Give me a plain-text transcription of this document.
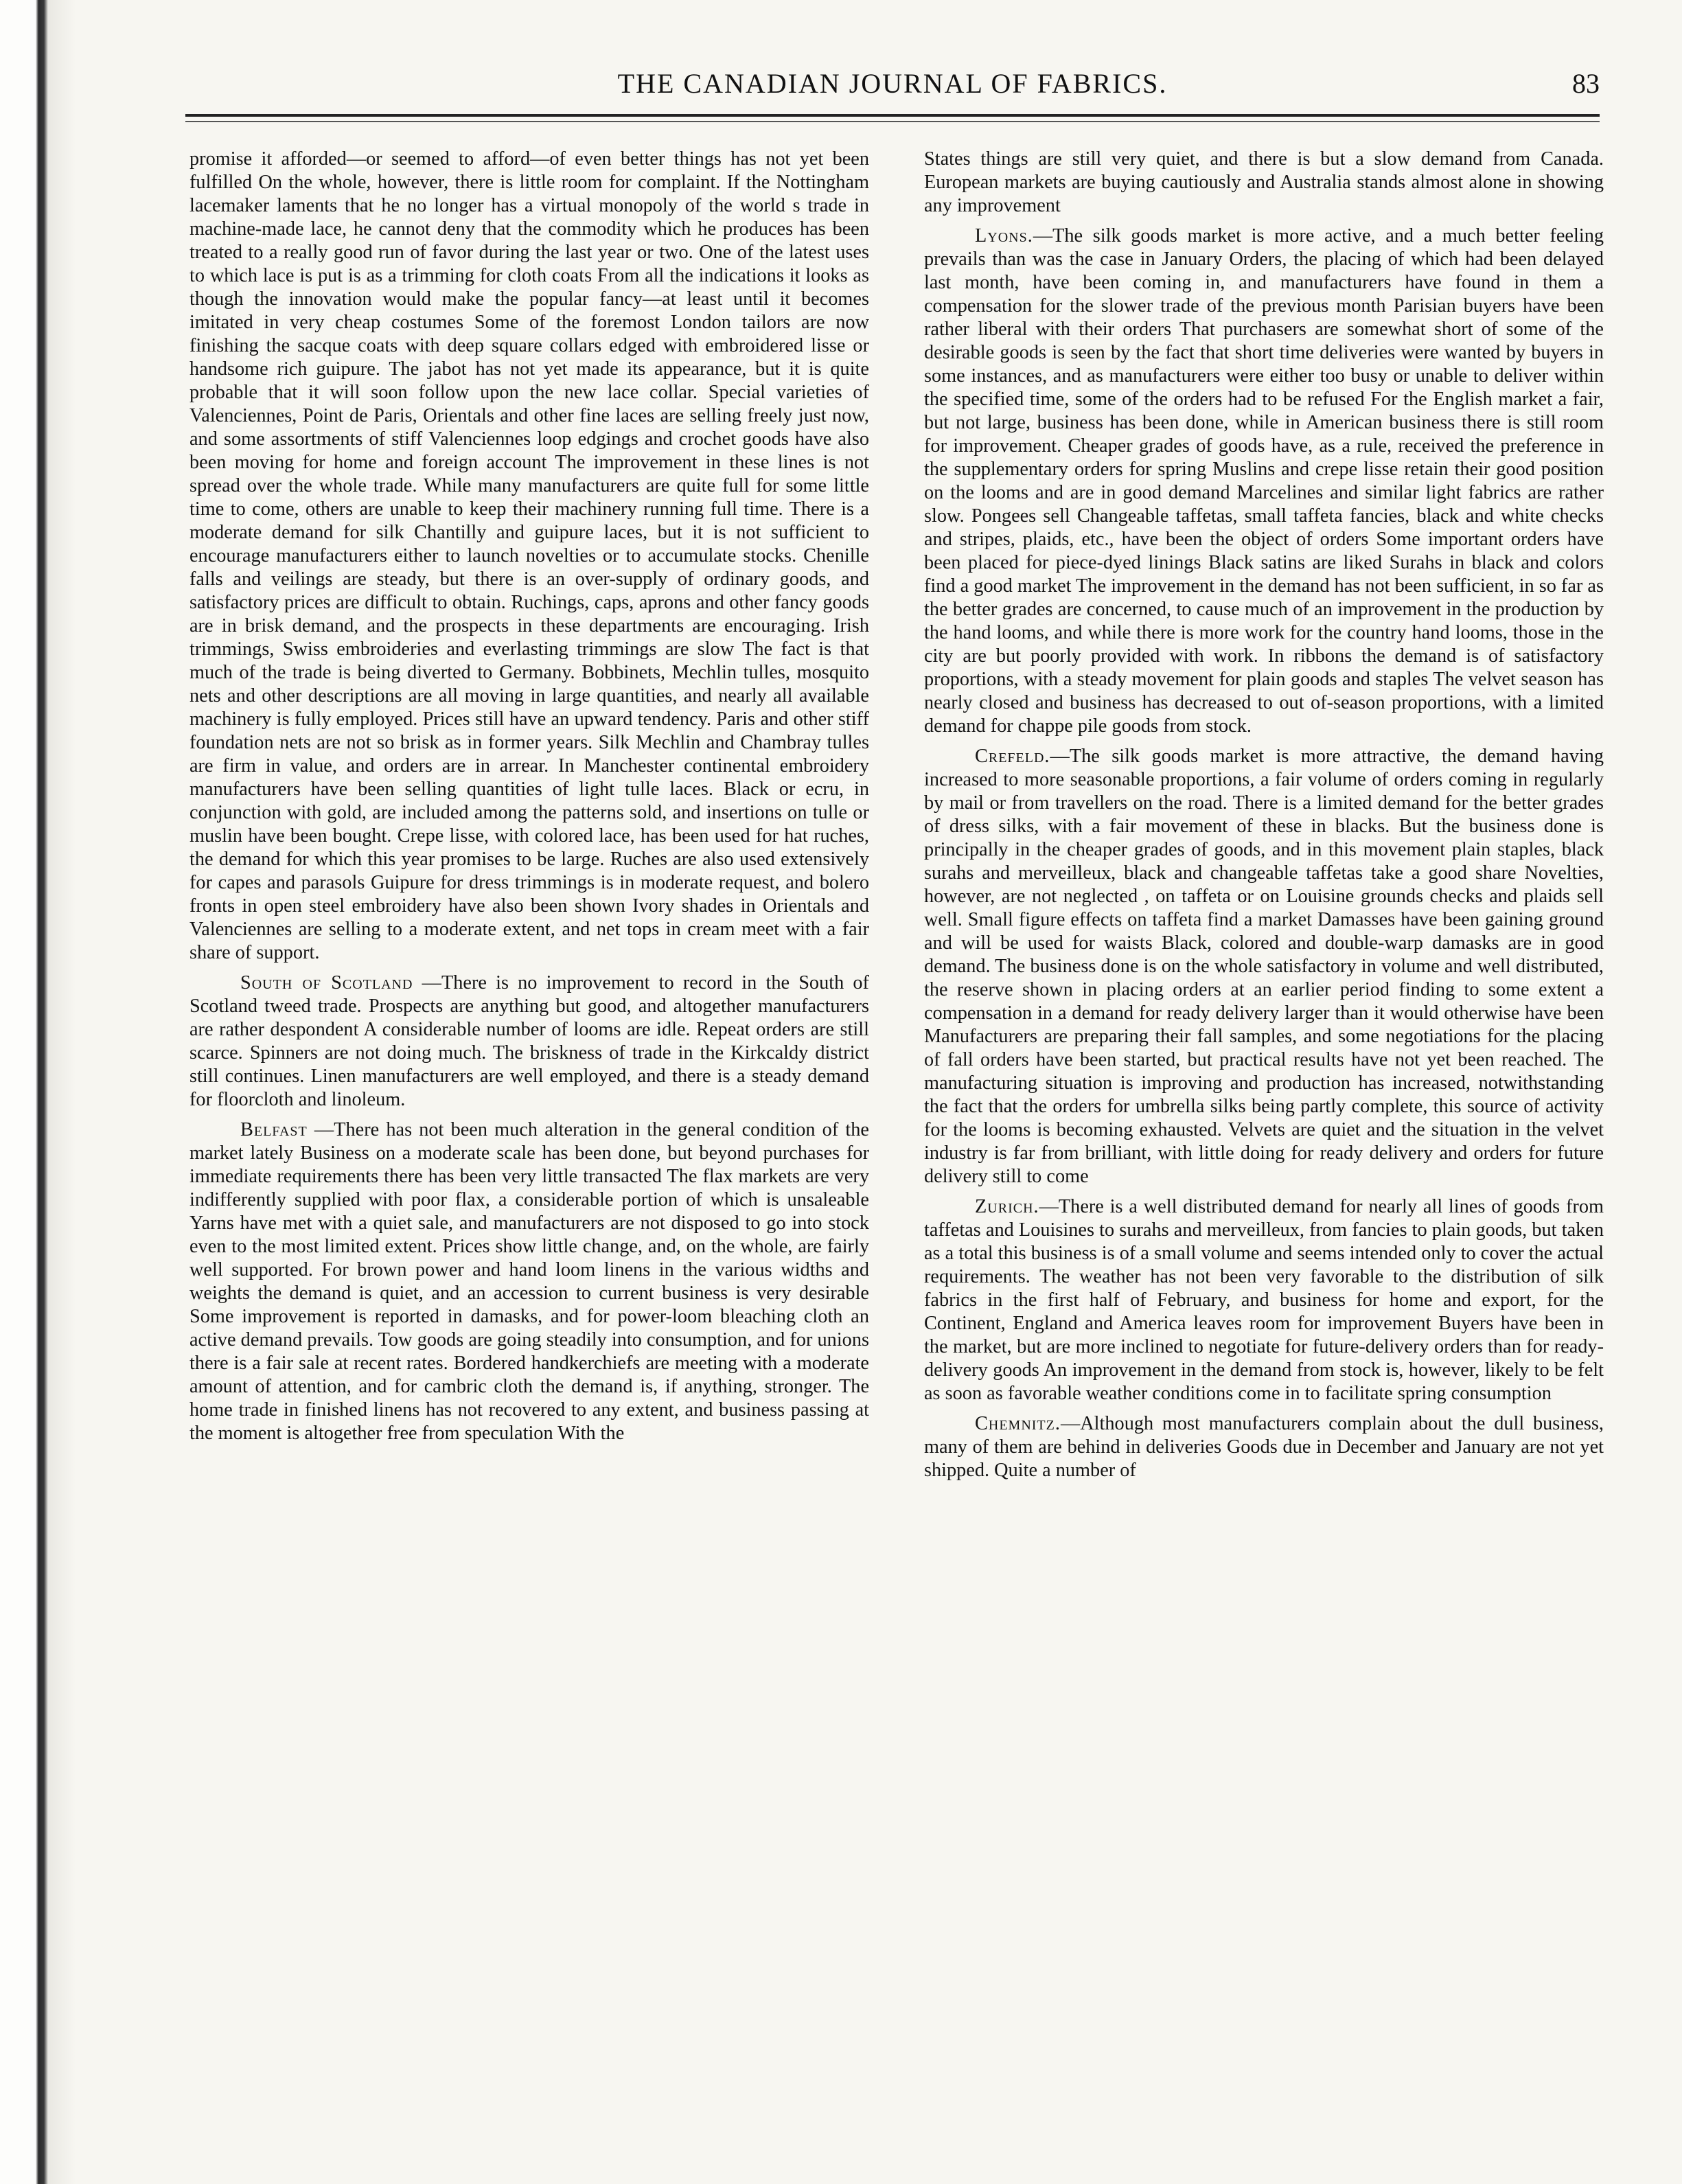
THE CANADIAN JOURNAL OF FABRICS.	83

promise it afforded—or seemed to afford—of even better things has not yet been fulfilled On the whole, however, there is little room for complaint. If the Nottingham lacemaker laments that he no longer has a virtual monopoly of the world s trade in machine-made lace, he cannot deny that the commodity which he produces has been treated to a really good run of favor during the last year or two. One of the latest uses to which lace is put is as a trimming for cloth coats From all the indications it looks as though the innovation would make the popular fancy—at least until it becomes imitated in very cheap costumes Some of the foremost London tailors are now finishing the sacque coats with deep square collars edged with embroidered lisse or handsome rich guipure. The jabot has not yet made its appearance, but it is quite probable that it will soon follow upon the new lace collar. Special varieties of Valenciennes, Point de Paris, Orientals and other fine laces are selling freely just now, and some assortments of stiff Valenciennes loop edgings and crochet goods have also been moving for home and foreign account The improvement in these lines is not spread over the whole trade. While many manufacturers are quite full for some little time to come, others are unable to keep their machinery running full time. There is a moderate demand for silk Chantilly and guipure laces, but it is not sufficient to encourage manufacturers either to launch novelties or to accumulate stocks. Chenille falls and veilings are steady, but there is an over-supply of ordinary goods, and satisfactory prices are difficult to obtain. Ruchings, caps, aprons and other fancy goods are in brisk demand, and the prospects in these departments are encouraging. Irish trimmings, Swiss embroideries and everlasting trimmings are slow The fact is that much of the trade is being diverted to Germany. Bobbinets, Mechlin tulles, mosquito nets and other descriptions are all moving in large quantities, and nearly all available machinery is fully employed. Prices still have an upward tendency. Paris and other stiff foundation nets are not so brisk as in former years. Silk Mechlin and Chambray tulles are firm in value, and orders are in arrear. In Manchester continental embroidery manufacturers have been selling quantities of light tulle laces. Black or ecru, in conjunction with gold, are included among the patterns sold, and insertions on tulle or muslin have been bought. Crepe lisse, with colored lace, has been used for hat ruches, the demand for which this year promises to be large. Ruches are also used extensively for capes and parasols Guipure for dress trimmings is in moderate request, and bolero fronts in open steel embroidery have also been shown Ivory shades in Orientals and Valenciennes are selling to a moderate extent, and net tops in cream meet with a fair share of support.

South of Scotland —There is no improvement to record in the South of Scotland tweed trade. Prospects are anything but good, and altogether manufacturers are rather despondent A considerable number of looms are idle. Repeat orders are still scarce. Spinners are not doing much. The briskness of trade in the Kirkcaldy district still continues. Linen manufacturers are well employed, and there is a steady demand for floorcloth and linoleum.

Belfast —There has not been much alteration in the general condition of the market lately Business on a moderate scale has been done, but beyond purchases for immediate requirements there has been very little transacted The flax markets are very indifferently supplied with poor flax, a considerable portion of which is unsaleable Yarns have met with a quiet sale, and manufacturers are not disposed to go into stock even to the most limited extent. Prices show little change, and, on the whole, are fairly well supported. For brown power and hand loom linens in the various widths and weights the demand is quiet, and an accession to current business is very desirable Some improvement is reported in damasks, and for power-loom bleaching cloth an active demand prevails. Tow goods are going steadily into consumption, and for unions there is a fair sale at recent rates. Bordered handkerchiefs are meeting with a moderate amount of attention, and for cambric cloth the demand is, if anything, stronger. The home trade in finished linens has not recovered to any extent, and business passing at the moment is altogether free from speculation With the

States things are still very quiet, and there is but a slow demand from Canada. European markets are buying cautiously and Australia stands almost alone in showing any improvement

Lyons.—The silk goods market is more active, and a much better feeling prevails than was the case in January Orders, the placing of which had been delayed last month, have been coming in, and manufacturers have found in them a compensation for the slower trade of the previous month Parisian buyers have been rather liberal with their orders That purchasers are somewhat short of some of the desirable goods is seen by the fact that short time deliveries were wanted by buyers in some instances, and as manufacturers were either too busy or unable to deliver within the specified time, some of the orders had to be refused For the English market a fair, but not large, business has been done, while in American business there is still room for improvement. Cheaper grades of goods have, as a rule, received the preference in the supplementary orders for spring Muslins and crepe lisse retain their good position on the looms and are in good demand Marcelines and similar light fabrics are rather slow. Pongees sell Changeable taffetas, small taffeta fancies, black and white checks and stripes, plaids, etc., have been the object of orders Some important orders have been placed for piece-dyed linings Black satins are liked Surahs in black and colors find a good market The improvement in the demand has not been sufficient, in so far as the better grades are concerned, to cause much of an improvement in the production by the hand looms, and while there is more work for the country hand looms, those in the city are but poorly provided with work. In ribbons the demand is of satisfactory proportions, with a steady movement for plain goods and staples The velvet season has nearly closed and business has decreased to out of-season proportions, with a limited demand for chappe pile goods from stock.

Crefeld.—The silk goods market is more attractive, the demand having increased to more seasonable proportions, a fair volume of orders coming in regularly by mail or from travellers on the road. There is a limited demand for the better grades of dress silks, with a fair movement of these in blacks. But the business done is principally in the cheaper grades of goods, and in this movement plain staples, black surahs and merveilleux, black and changeable taffetas take a good share Novelties, however, are not neglected , on taffeta or on Louisine grounds checks and plaids sell well. Small figure effects on taffeta find a market Damasses have been gaining ground and will be used for waists Black, colored and double-warp damasks are in good demand. The business done is on the whole satisfactory in volume and well distributed, the reserve shown in placing orders at an earlier period finding to some extent a compensation in a demand for ready delivery larger than it would otherwise have been Manufacturers are preparing their fall samples, and some negotiations for the placing of fall orders have been started, but practical results have not yet been reached. The manufacturing situation is improving and production has increased, notwithstanding the fact that the orders for umbrella silks being partly complete, this source of activity for the looms is becoming exhausted. Velvets are quiet and the situation in the velvet industry is far from brilliant, with little doing for ready delivery and orders for future delivery still to come

Zurich.—There is a well distributed demand for nearly all lines of goods from taffetas and Louisines to surahs and merveilleux, from fancies to plain goods, but taken as a total this business is of a small volume and seems intended only to cover the actual requirements. The weather has not been very favorable to the distribution of silk fabrics in the first half of February, and business for home and export, for the Continent, England and America leaves room for improvement Buyers have been in the market, but are more inclined to negotiate for future-delivery orders than for ready-delivery goods An improvement in the demand from stock is, however, likely to be felt as soon as favorable weather conditions come in to facilitate spring consumption

Chemnitz.—Although most manufacturers complain about the dull business, many of them are behind in deliveries Goods due in December and January are not yet shipped. Quite a number of
